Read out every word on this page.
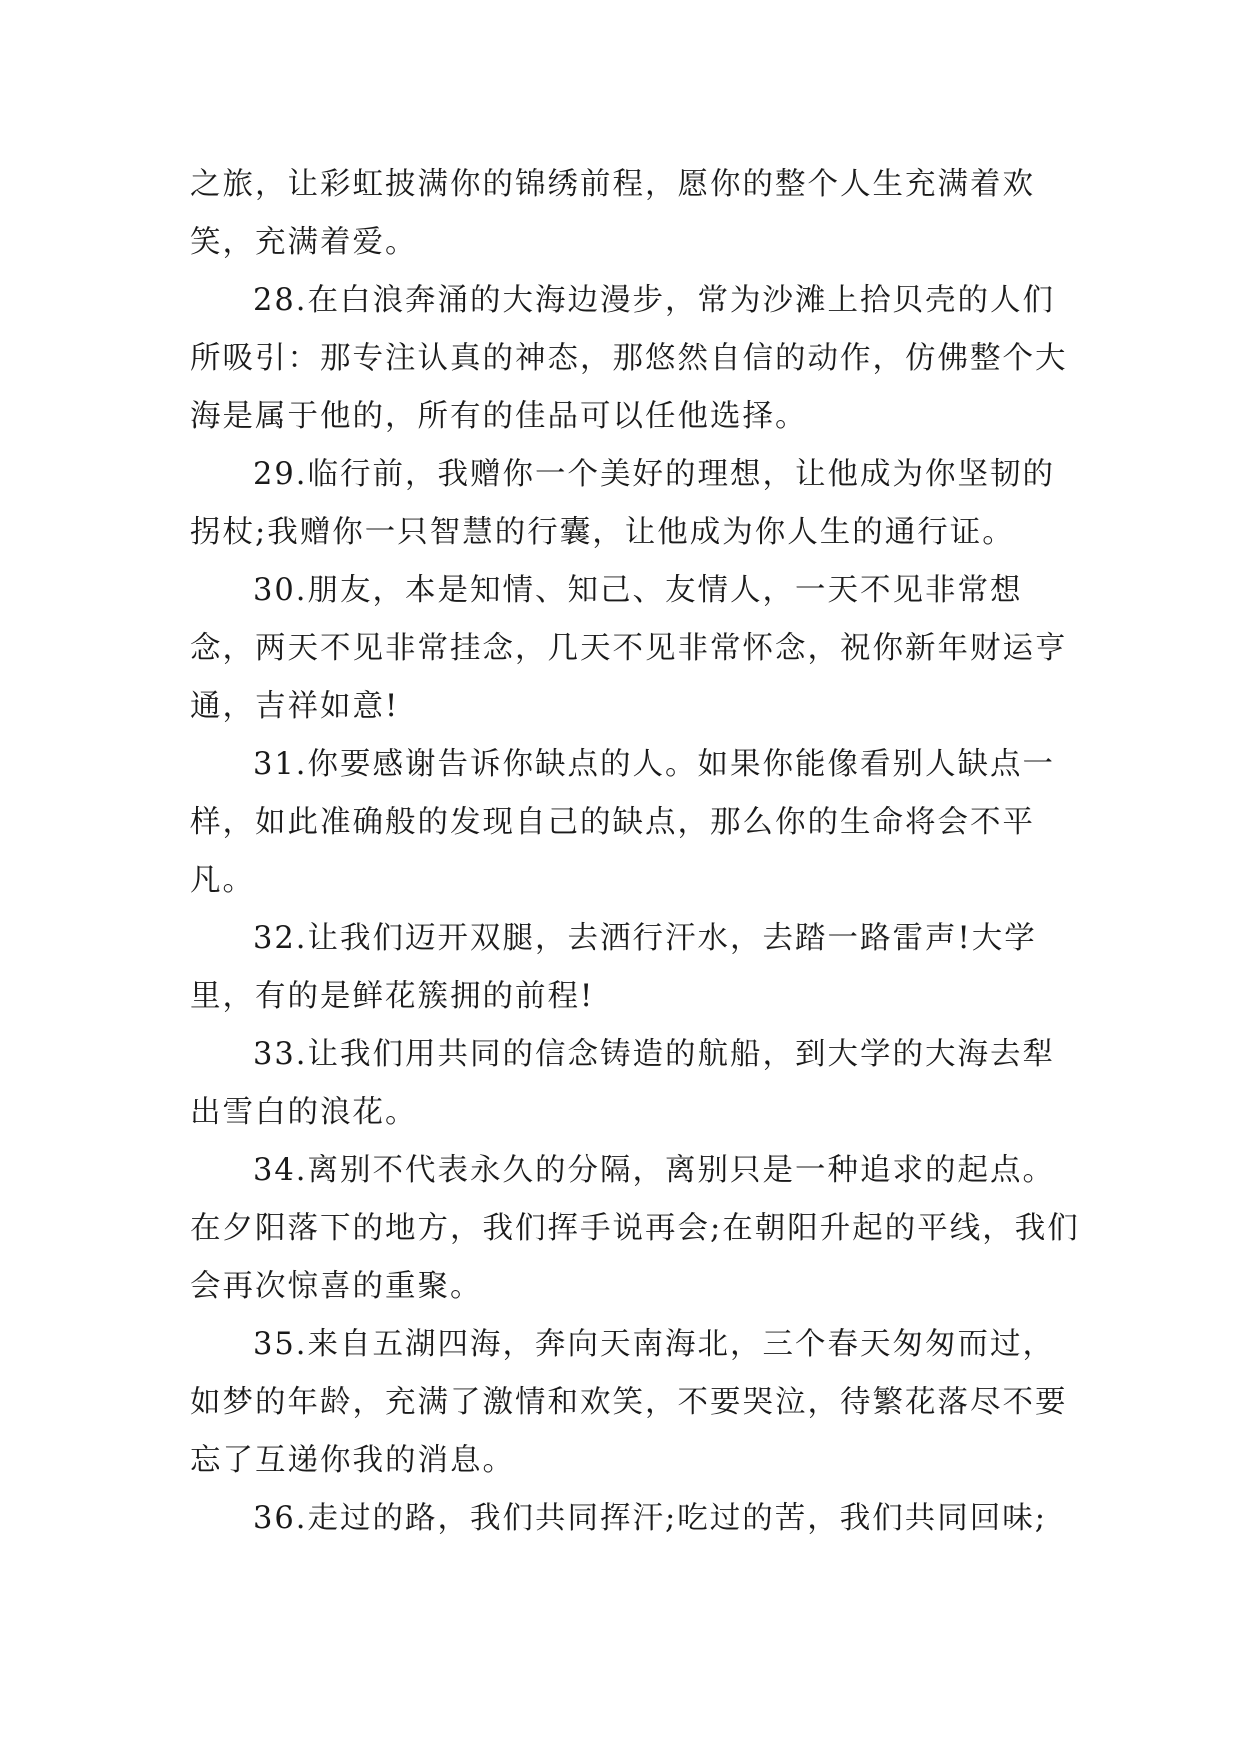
之旅，让彩虹披满你的锦绣前程，愿你的整个人生充满着欢笑，充满着爱。

28.在白浪奔涌的大海边漫步，常为沙滩上拾贝壳的人们所吸引：那专注认真的神态，那悠然自信的动作，仿佛整个大海是属于他的，所有的佳品可以任他选择。

29.临行前，我赠你一个美好的理想，让他成为你坚韧的拐杖;我赠你一只智慧的行囊，让他成为你人生的通行证。

30.朋友，本是知情、知己、友情人，一天不见非常想念，两天不见非常挂念，几天不见非常怀念，祝你新年财运亨通，吉祥如意!

31.你要感谢告诉你缺点的人。如果你能像看别人缺点一样，如此准确般的发现自己的缺点，那么你的生命将会不平凡。

32.让我们迈开双腿，去洒行汗水，去踏一路雷声!大学里，有的是鲜花簇拥的前程!

33.让我们用共同的信念铸造的航船，到大学的大海去犁出雪白的浪花。

34.离别不代表永久的分隔，离别只是一种追求的起点。在夕阳落下的地方，我们挥手说再会;在朝阳升起的平线，我们会再次惊喜的重聚。

35.来自五湖四海，奔向天南海北，三个春天匆匆而过，如梦的年龄，充满了激情和欢笑，不要哭泣，待繁花落尽不要忘了互递你我的消息。

36.走过的路，我们共同挥汗;吃过的苦，我们共同回味;
